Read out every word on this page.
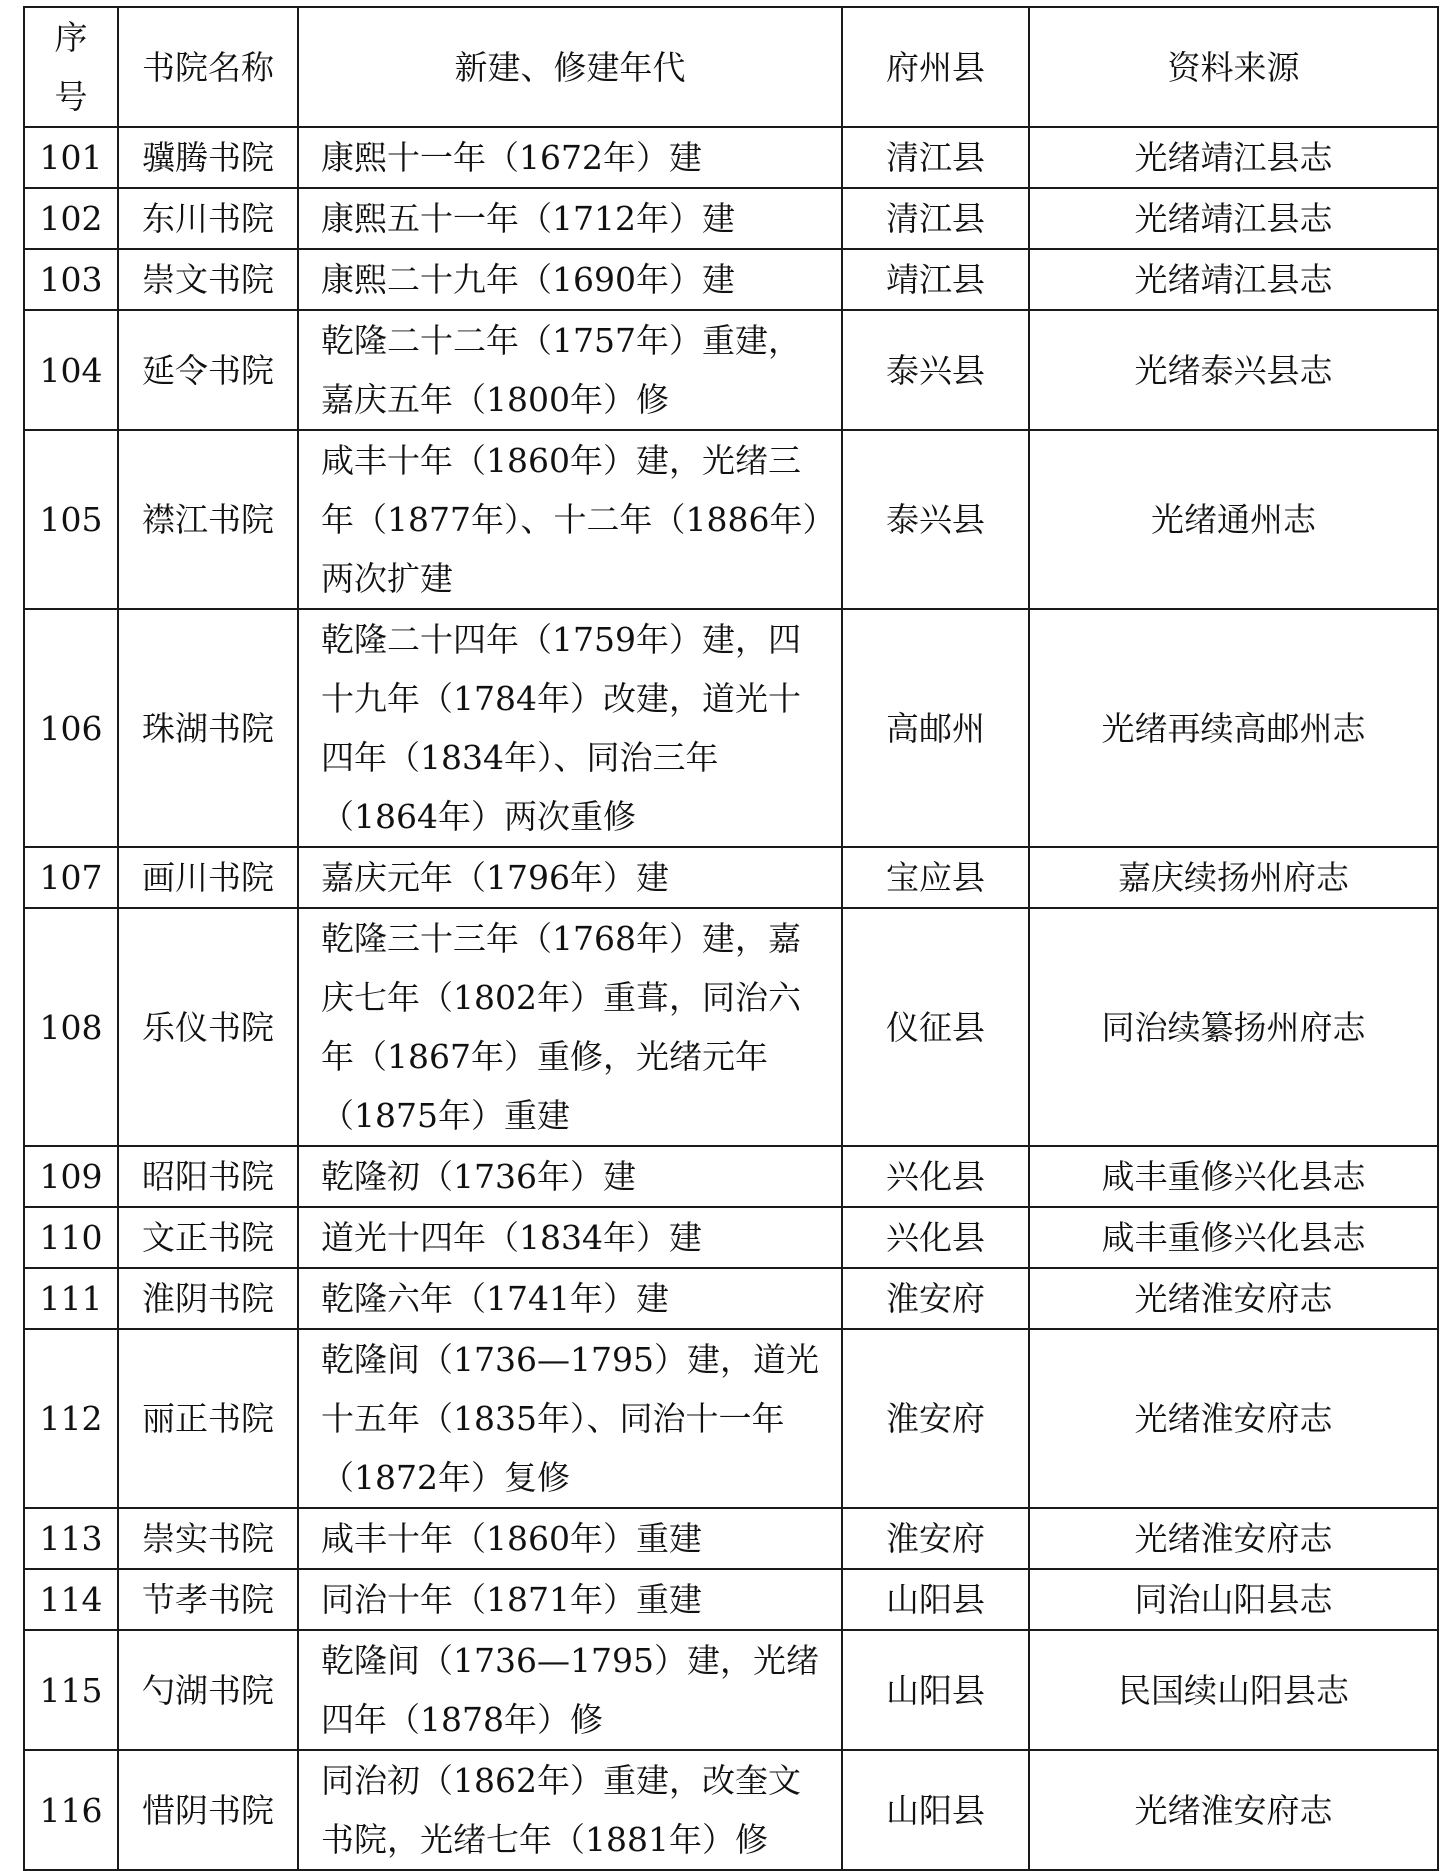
序号	书院名称	新建、修建年代	府州县	资料来源
101	骥腾书院	康熙十一年（1672年）建	清江县	光绪靖江县志
102	东川书院	康熙五十一年（1712年）建	清江县	光绪靖江县志
103	崇文书院	康熙二十九年（1690年）建	靖江县	光绪靖江县志
104	延令书院	乾隆二十二年（1757年）重建，嘉庆五年（1800年）修	泰兴县	光绪泰兴县志
105	襟江书院	咸丰十年（1860年）建，光绪三年（1877年）、十二年（1886年）两次扩建	泰兴县	光绪通州志
106	珠湖书院	乾隆二十四年（1759年）建，四十九年（1784年）改建，道光十四年（1834年）、同治三年（1864年）两次重修	高邮州	光绪再续高邮州志
107	画川书院	嘉庆元年（1796年）建	宝应县	嘉庆续扬州府志
108	乐仪书院	乾隆三十三年（1768年）建，嘉庆七年（1802年）重葺，同治六年（1867年）重修，光绪元年（1875年）重建	仪征县	同治续纂扬州府志
109	昭阳书院	乾隆初（1736年）建	兴化县	咸丰重修兴化县志
110	文正书院	道光十四年（1834年）建	兴化县	咸丰重修兴化县志
111	淮阴书院	乾隆六年（1741年）建	淮安府	光绪淮安府志
112	丽正书院	乾隆间（1736—1795）建，道光十五年（1835年）、同治十一年（1872年）复修	淮安府	光绪淮安府志
113	崇实书院	咸丰十年（1860年）重建	淮安府	光绪淮安府志
114	节孝书院	同治十年（1871年）重建	山阳县	同治山阳县志
115	勺湖书院	乾隆间（1736—1795）建，光绪四年（1878年）修	山阳县	民国续山阳县志
116	惜阴书院	同治初（1862年）重建，改奎文书院，光绪七年（1881年）修	山阳县	光绪淮安府志
